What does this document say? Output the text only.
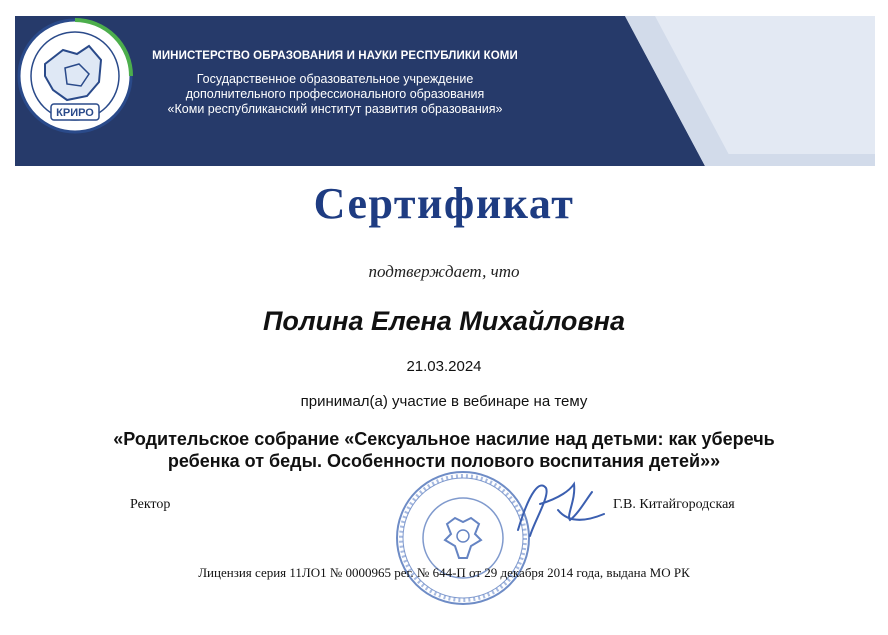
МИНИСТЕРСТВО ОБРАЗОВАНИЯ И НАУКИ РЕСПУБЛИКИ КОМИ
Государственное образовательное учреждение
дополнительного профессионального образования
«Коми республиканский институт развития образования»
КРИРО
Сертификат
подтверждает, что
Полина Елена Михайловна
21.03.2024
принимал(а) участие в вебинаре на тему
«Родительское собрание «Сексуальное насилие над детьми: как уберечь
ребенка от беды. Особенности полового воспитания детей»»
Ректор	Г.В. Китайгородская
Лицензия серия 11ЛО1 № 0000965 рег. № 644-П от 29 декабря 2014 года, выдана МО РК
